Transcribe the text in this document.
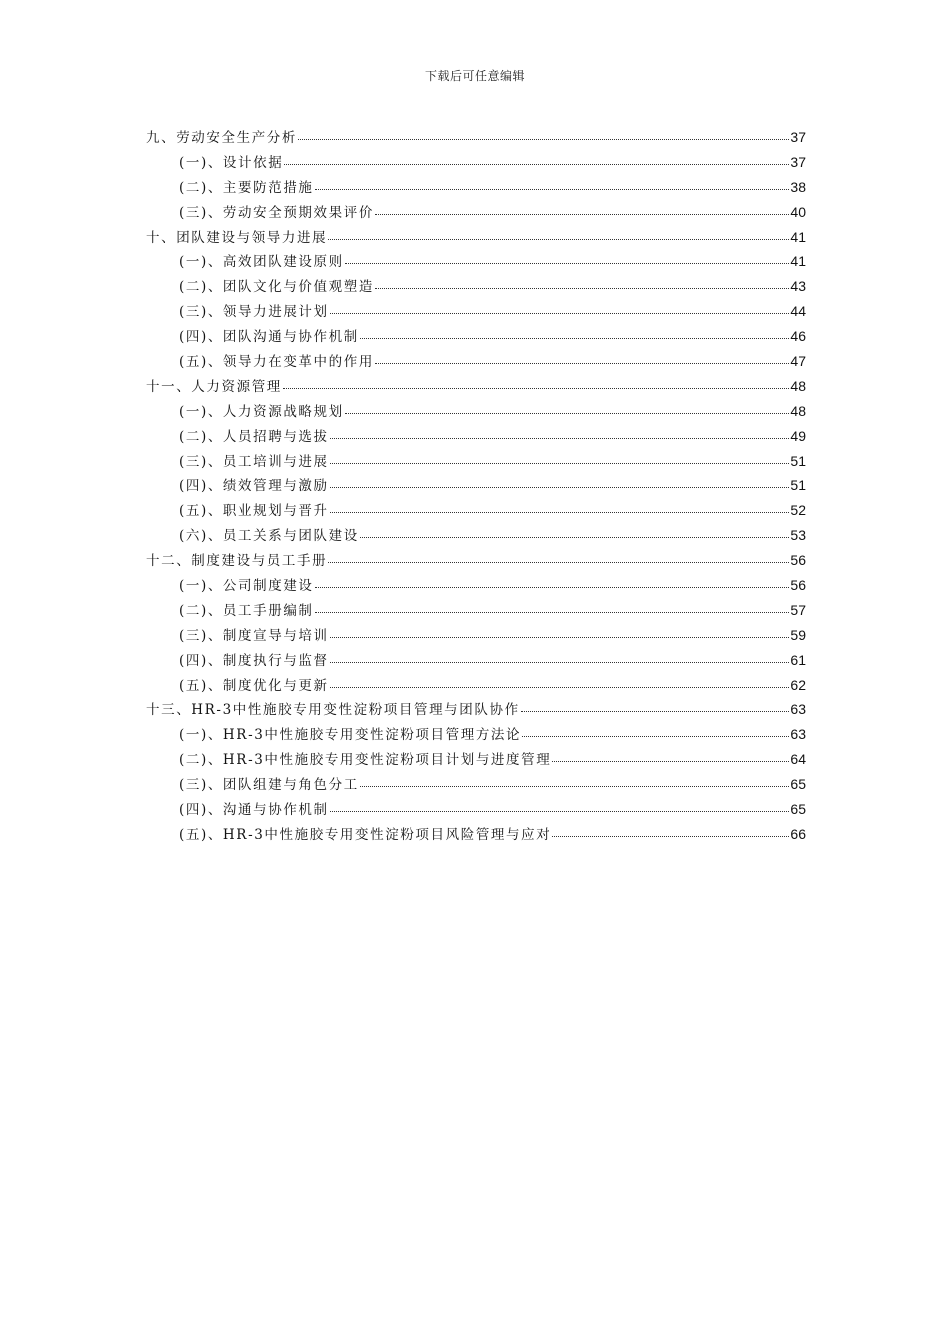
下载后可任意编辑
九、劳动安全生产分析	37
(一)、设计依据	37
(二)、主要防范措施	38
(三)、劳动安全预期效果评价	40
十、团队建设与领导力进展	41
(一)、高效团队建设原则	41
(二)、团队文化与价值观塑造	43
(三)、领导力进展计划	44
(四)、团队沟通与协作机制	46
(五)、领导力在变革中的作用	47
十一、人力资源管理	48
(一)、人力资源战略规划	48
(二)、人员招聘与选拔	49
(三)、员工培训与进展	51
(四)、绩效管理与激励	51
(五)、职业规划与晋升	52
(六)、员工关系与团队建设	53
十二、制度建设与员工手册	56
(一)、公司制度建设	56
(二)、员工手册编制	57
(三)、制度宣导与培训	59
(四)、制度执行与监督	61
(五)、制度优化与更新	62
十三、HR-3中性施胶专用变性淀粉项目管理与团队协作	63
(一)、HR-3中性施胶专用变性淀粉项目管理方法论	63
(二)、HR-3中性施胶专用变性淀粉项目计划与进度管理	64
(三)、团队组建与角色分工	65
(四)、沟通与协作机制	65
(五)、HR-3中性施胶专用变性淀粉项目风险管理与应对	66
